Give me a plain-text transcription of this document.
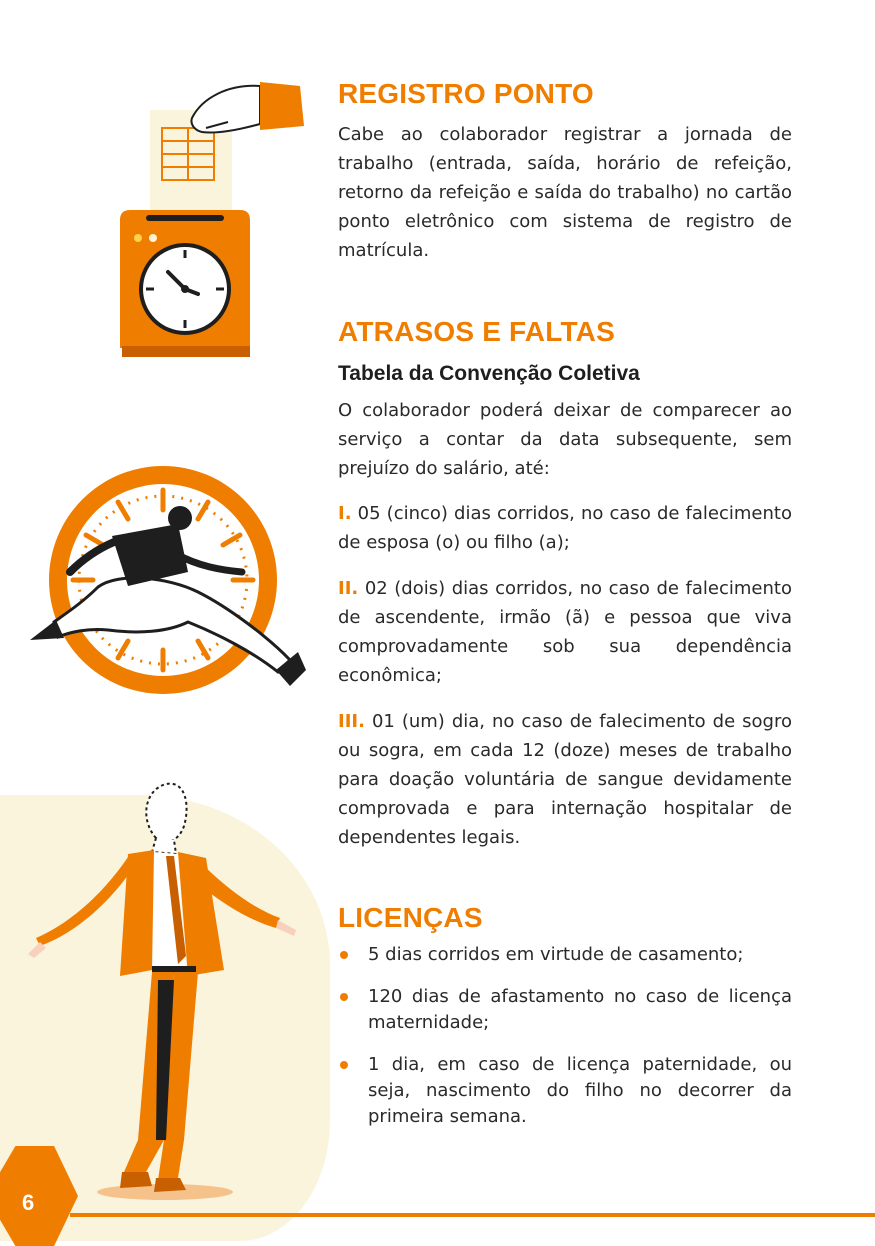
REGISTRO PONTO

Cabe ao colaborador registrar a jornada de trabalho (entrada, saída, horário de refeição, retorno da refeição e saída do trabalho) no cartão ponto eletrônico com sistema de registro de matrícula.

ATRASOS E FALTAS
Tabela da Convenção Coletiva

O colaborador poderá deixar de comparecer ao serviço a contar da data subsequente, sem prejuízo do salário, até:

I. 05 (cinco) dias corridos, no caso de falecimento de esposa (o) ou filho (a);

II. 02 (dois) dias corridos, no caso de falecimento de ascendente, irmão (ã) e pessoa que viva comprovadamente sob sua dependência econômica;

III. 01 (um) dia, no caso de falecimento de sogro ou sogra, em cada 12 (doze) meses de trabalho para doação voluntária de sangue devidamente comprovada e para internação hospitalar de dependentes legais.

LICENÇAS
5 dias corridos em virtude de casamento;
120 dias de afastamento no caso de licença maternidade;
1 dia, em caso de licença paternidade, ou seja, nascimento do filho no decorrer da primeira semana.
6
